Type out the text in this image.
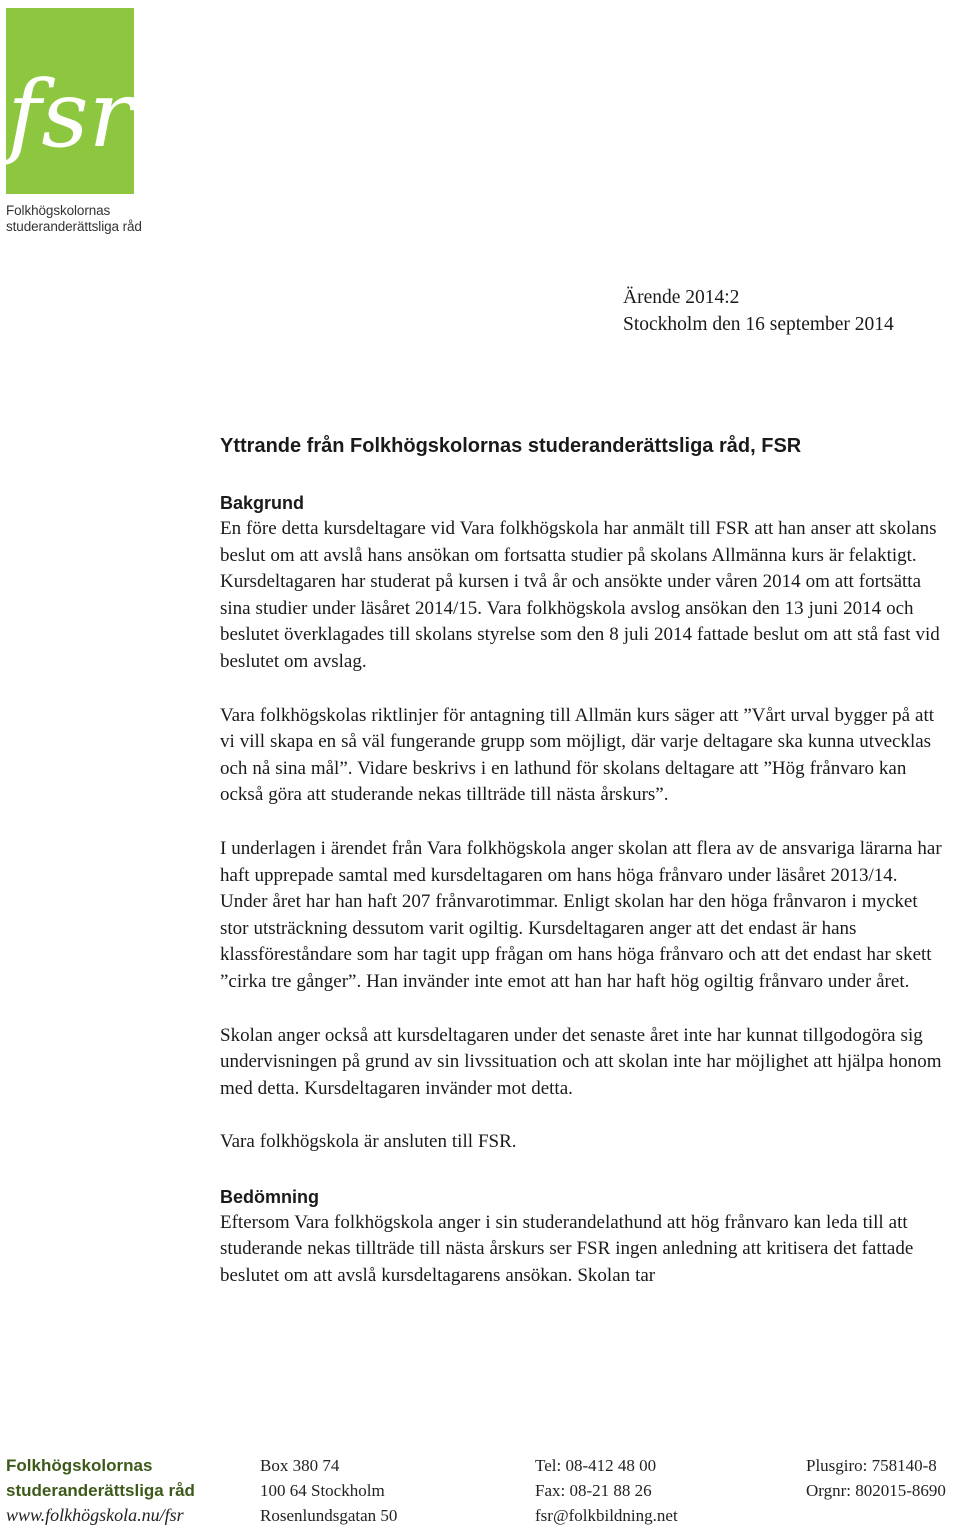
fsr
Folkhögskolornas
studeranderättsliga råd
Ärende 2014:2
Stockholm den 16 september 2014
Yttrande från Folkhögskolornas studeranderättsliga råd, FSR
Bakgrund

En före detta kursdeltagare vid Vara folkhögskola har anmält till FSR att han anser att skolans beslut om att avslå hans ansökan om fortsatta studier på skolans Allmänna kurs är felaktigt. Kursdeltagaren har studerat på kursen i två år och ansökte under våren 2014 om att fortsätta sina studier under läsåret 2014/15. Vara folkhögskola avslog ansökan den 13 juni 2014 och beslutet överklagades till skolans styrelse som den 8 juli 2014 fattade beslut om att stå fast vid beslutet om avslag.

Vara folkhögskolas riktlinjer för antagning till Allmän kurs säger att ”Vårt urval bygger på att vi vill skapa en så väl fungerande grupp som möjligt, där varje deltagare ska kunna utvecklas och nå sina mål”. Vidare beskrivs i en lathund för skolans deltagare att ”Hög frånvaro kan också göra att studerande nekas tillträde till nästa årskurs”.

I underlagen i ärendet från Vara folkhögskola anger skolan att flera av de ansvariga lärarna har haft upprepade samtal med kursdeltagaren om hans höga frånvaro under läsåret 2013/14. Under året har han haft 207 frånvarotimmar. Enligt skolan har den höga frånvaron i mycket stor utsträckning dessutom varit ogiltig. Kursdeltagaren anger att det endast är hans klassföreståndare som har tagit upp frågan om hans höga frånvaro och att det endast har skett ”cirka tre gånger”. Han invänder inte emot att han har haft hög ogiltig frånvaro under året.

Skolan anger också att kursdeltagaren under det senaste året inte har kunnat tillgodogöra sig undervisningen på grund av sin livssituation och att skolan inte har möjlighet att hjälpa honom med detta. Kursdeltagaren invänder mot detta.

Vara folkhögskola är ansluten till FSR.

Bedömning

Eftersom Vara folkhögskola anger i sin studerandelathund att hög frånvaro kan leda till att studerande nekas tillträde till nästa årskurs ser FSR ingen anledning att kritisera det fattade beslutet om att avslå kursdeltagarens ansökan. Skolan tar

Folkhögskolornas
studeranderättsliga råd
www.folkhögskola.nu/fsr
Box 380 74
100 64 Stockholm
Rosenlundsgatan 50
Tel: 08-412 48 00
Fax: 08-21 88 26
fsr@folkbildning.net
Plusgiro: 758140-8
Orgnr: 802015-8690
